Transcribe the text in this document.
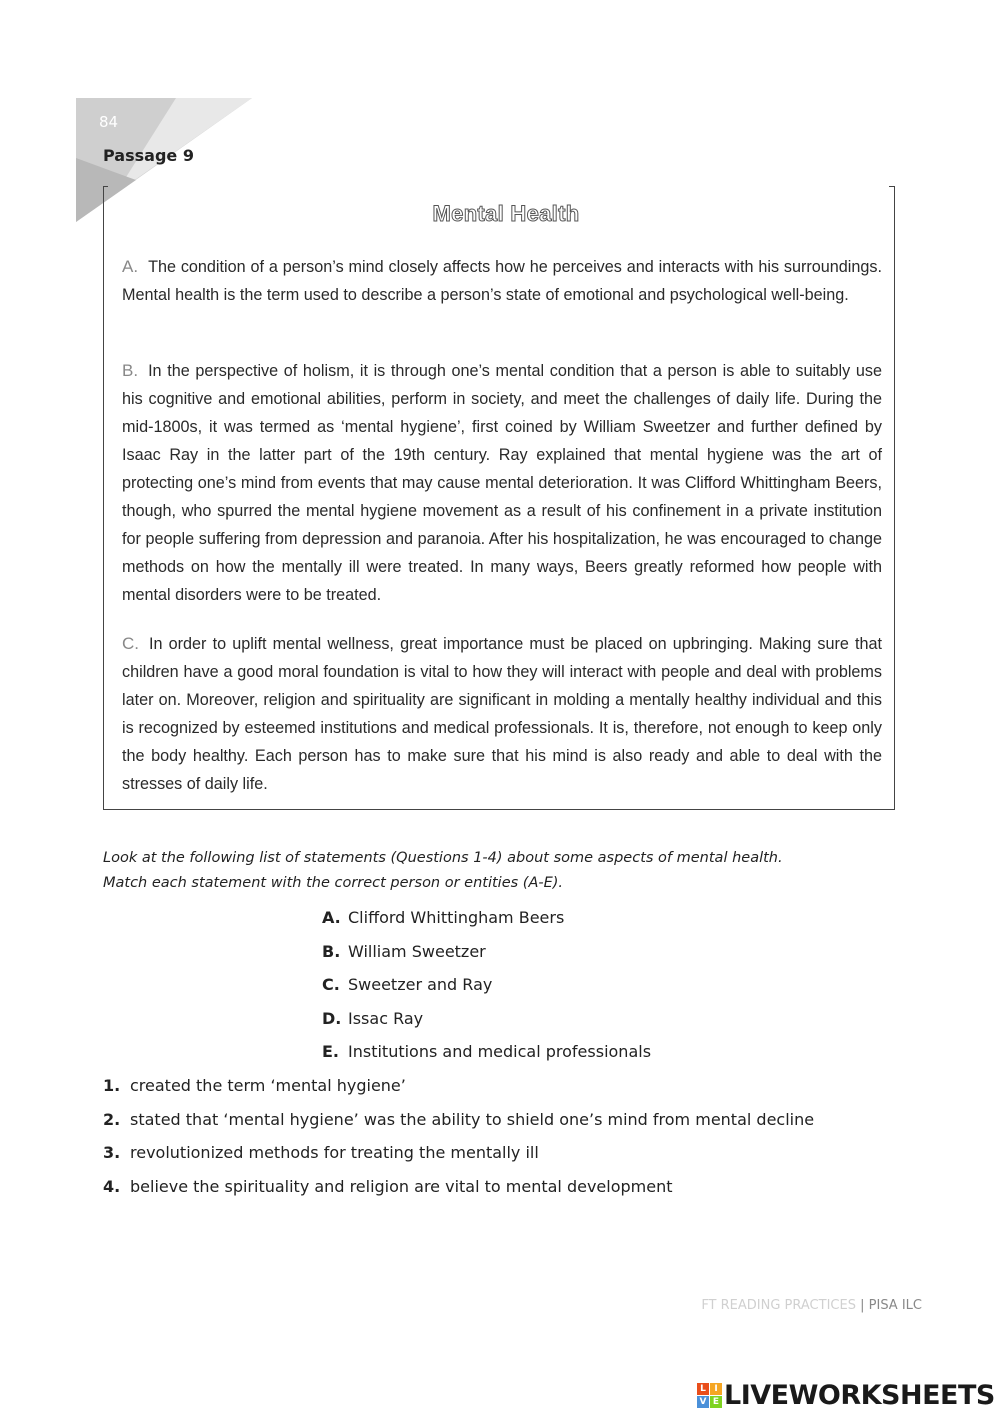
84
Passage 9
Mental Health
A. The condition of a person’s mind closely affects how he perceives and interacts with his surroundings. Mental health is the term used to describe a person’s state of emotional and psychological well-being.
B. In the perspective of holism, it is through one’s mental condition that a person is able to suitably use his cognitive and emotional abilities, perform in society, and meet the challenges of daily life. During the mid-1800s, it was termed as ‘mental hygiene’, first coined by William Sweetzer and further defined by Isaac Ray in the latter part of the 19th century. Ray explained that mental hygiene was the art of protecting one’s mind from events that may cause mental deterioration. It was Clifford Whittingham Beers, though, who spurred the mental hygiene movement as a result of his confinement in a private institution for people suffering from depression and paranoia. After his hospitalization, he was encouraged to change methods on how the mentally ill were treated. In many ways, Beers greatly reformed how people with mental disorders were to be treated.
C. In order to uplift mental wellness, great importance must be placed on upbringing. Making sure that children have a good moral foundation is vital to how they will interact with people and deal with problems later on. Moreover, religion and spirituality are significant in molding a mentally healthy individual and this is recognized by esteemed institutions and medical professionals. It is, therefore, not enough to keep only the body healthy. Each person has to make sure that his mind is also ready and able to deal with the stresses of daily life.
Look at the following list of statements (Questions 1-4) about some aspects of mental health.
Match each statement with the correct person or entities (A-E).
A. Clifford Whittingham Beers
B. William Sweetzer
C. Sweetzer and Ray
D. Issac Ray
E. Institutions and medical professionals
1. created the term ‘mental hygiene’
2. stated that ‘mental hygiene’ was the ability to shield one’s mind from mental decline
3. revolutionized methods for treating the mentally ill
4. believe the spirituality and religion are vital to mental development
FT READING PRACTICES | PISA ILC
L I
V E LIVEWORKSHEETS
